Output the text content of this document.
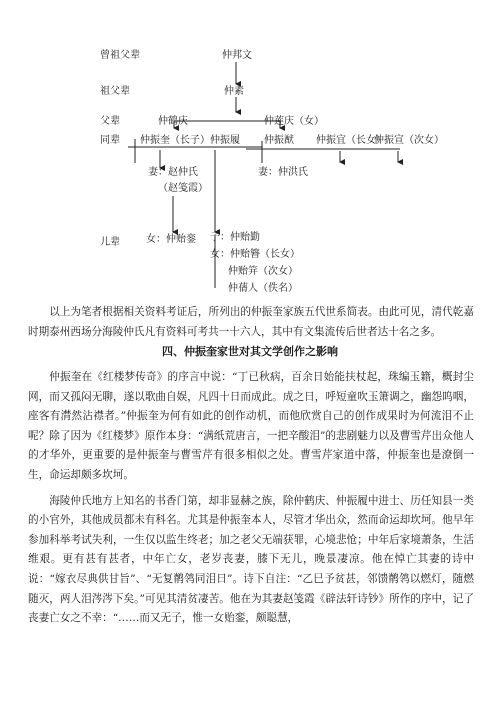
曾祖父辈
祖父辈
父辈
同辈
儿辈
仲邦文
仲素
仲鹤庆	仲莲庆（女）
仲振奎（长子） 仲振履 仲振猷 仲振宜（长女）
仲振宣（次女）
妻：赵仲氏
（赵笺霞）
妻：仲洪氏
女：仲贻銮 子：仲贻勤
女：仲贻簪（长女）
仲贻笄（次女）
仲蒨人（佚名）

以上为笔者根据相关资料考证后，所列出的仲振奎家族五代世系简表。由此可见，清代乾嘉时期泰州西场分海陵仲氏凡有资料可考共一十六人，其中有文集流传后世者达十名之多。

四、仲振奎家世对其文学创作之影响

仲振奎在《红楼梦传奇》的序言中说：“丁已秋病，百余日始能扶杖起，珠编玉籍，概封尘网，而又孤闷无聊，遂以歌曲自娱，凡四十日而成此。成之日，呼短童吹玉箫调之，幽怨呜咽，座客有潸然沾襟者。”仲振奎为何有如此的创作动机，而他欣赏自己的创作成果时为何流泪不止呢？除了因为《红楼梦》原作本身：“满纸荒唐言，一把辛酸泪”的悲剧魅力以及曹雪芹出众他人的才华外，更重要的是仲振奎与曹雪芹有很多相似之处。曹雪芹家道中落，仲振奎也是潦倒一生，命运却颇多坎坷。

海陵仲氏地方上知名的书香门第，却非显赫之族，除仲鹤庆、仲振履中进士、历任知县一类的小官外，其他成员都未有科名。尤其是仲振奎本人，尽管才华出众，然而命运却坎坷。他早年参加科举考试失利，一生仅以监生终老；加之老父无端获罪，心境悲怆；中年后家境萧条，生活维艰。更有甚有甚者，中年亡女，老岁丧妻，膝下无儿，晚景凄凉。他在悼亡其妻的诗中说：“嫁衣尽典供甘旨”、“无复鹡鸰同泪日”。诗下自注：“乙巳予贫甚，邻馈鹡鸰以燃灯，随燃随灭，两人泪涔涔下矣。”可见其清贫凄苦。他在为其妻赵笺霞《辟法轩诗钞》所作的序中，记了丧妻亡女之不幸：“……而又无子，惟一女贻銮，颇聪慧，
